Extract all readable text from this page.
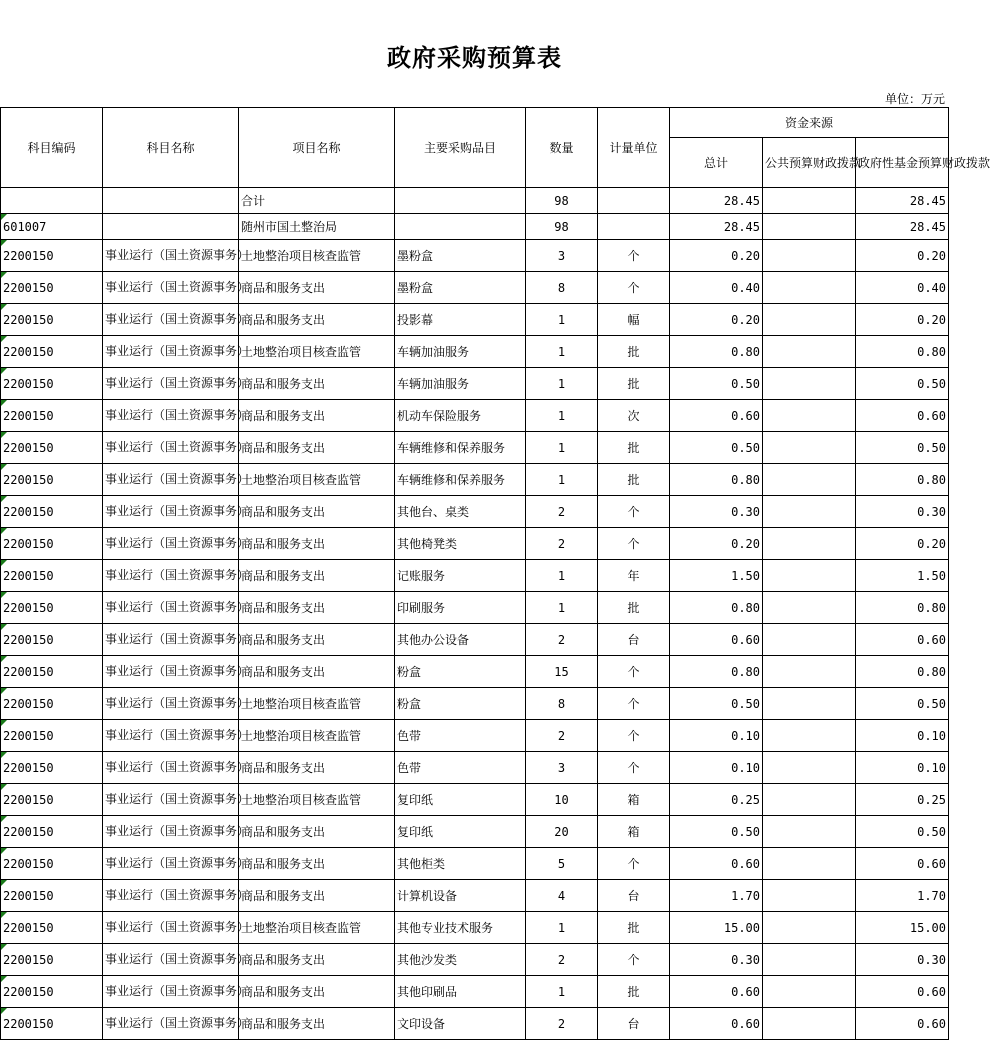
政府采购预算表
单位：万元
科目编码	科目名称	项目名称	主要采购品目	数量	计量单位	资金来源		
						总计	公共预算财政拨款	政府性基金预算财政拨款
		合计		98		28.45		28.45

601007		随州市国土整治局		98		28.45		28.45

2200150	事业运行（国土资源事务）	土地整治项目核查监管	墨粉盒	3	个	0.20		0.20

2200150	事业运行（国土资源事务）	商品和服务支出	墨粉盒	8	个	0.40		0.40

2200150	事业运行（国土资源事务）	商品和服务支出	投影幕	1	幅	0.20		0.20

2200150	事业运行（国土资源事务）	土地整治项目核查监管	车辆加油服务	1	批	0.80		0.80

2200150	事业运行（国土资源事务）	商品和服务支出	车辆加油服务	1	批	0.50		0.50

2200150	事业运行（国土资源事务）	商品和服务支出	机动车保险服务	1	次	0.60		0.60

2200150	事业运行（国土资源事务）	商品和服务支出	车辆维修和保养服务	1	批	0.50		0.50

2200150	事业运行（国土资源事务）	土地整治项目核查监管	车辆维修和保养服务	1	批	0.80		0.80

2200150	事业运行（国土资源事务）	商品和服务支出	其他台、桌类	2	个	0.30		0.30

2200150	事业运行（国土资源事务）	商品和服务支出	其他椅凳类	2	个	0.20		0.20

2200150	事业运行（国土资源事务）	商品和服务支出	记账服务	1	年	1.50		1.50

2200150	事业运行（国土资源事务）	商品和服务支出	印刷服务	1	批	0.80		0.80

2200150	事业运行（国土资源事务）	商品和服务支出	其他办公设备	2	台	0.60		0.60

2200150	事业运行（国土资源事务）	商品和服务支出	粉盒	15	个	0.80		0.80

2200150	事业运行（国土资源事务）	土地整治项目核查监管	粉盒	8	个	0.50		0.50

2200150	事业运行（国土资源事务）	土地整治项目核查监管	色带	2	个	0.10		0.10

2200150	事业运行（国土资源事务）	商品和服务支出	色带	3	个	0.10		0.10

2200150	事业运行（国土资源事务）	土地整治项目核查监管	复印纸	10	箱	0.25		0.25

2200150	事业运行（国土资源事务）	商品和服务支出	复印纸	20	箱	0.50		0.50

2200150	事业运行（国土资源事务）	商品和服务支出	其他柜类	5	个	0.60		0.60

2200150	事业运行（国土资源事务）	商品和服务支出	计算机设备	4	台	1.70		1.70

2200150	事业运行（国土资源事务）	土地整治项目核查监管	其他专业技术服务	1	批	15.00		15.00

2200150	事业运行（国土资源事务）	商品和服务支出	其他沙发类	2	个	0.30		0.30

2200150	事业运行（国土资源事务）	商品和服务支出	其他印刷品	1	批	0.60		0.60

2200150	事业运行（国土资源事务）	商品和服务支出	文印设备	2	台	0.60		0.60
